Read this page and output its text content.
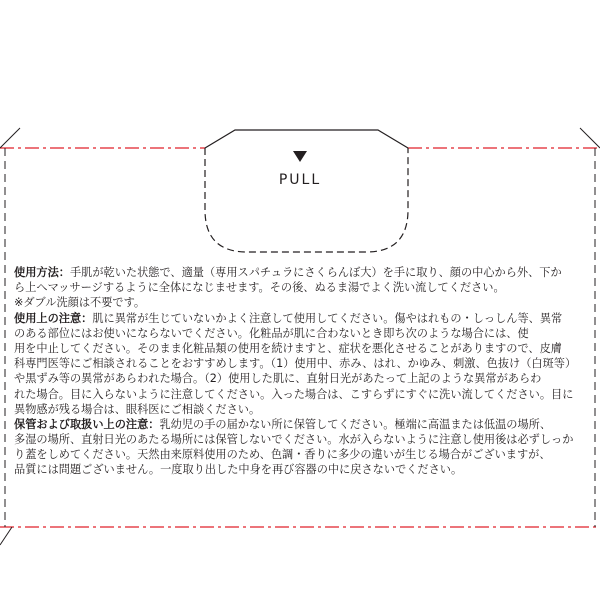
PULL
使用方法：手肌が乾いた状態で、適量（専用スパチュラにさくらんぼ大）を手に取り、顔の中心から外、下か
ら上へマッサージするように全体になじませます。その後、ぬるま湯でよく洗い流してください。
※ダブル洗顔は不要です。
使用上の注意：肌に異常が生じていないかよく注意して使用してください。傷やはれもの・しっしん等、異常
のある部位にはお使いにならないでください。化粧品が肌に合わないとき即ち次のような場合には、使
用を中止してください。そのまま化粧品類の使用を続けますと、症状を悪化させることがありますので、皮膚
科専門医等にご相談されることをおすすめします。（1）使用中、赤み、はれ、かゆみ、刺激、色抜け（白斑等）
や黒ずみ等の異常があらわれた場合。（2）使用した肌に、直射日光があたって上記のような異常があらわ
れた場合。目に入らないように注意してください。入った場合は、こすらずにすぐに洗い流してください。目に
異物感が残る場合は、眼科医にご相談ください。
保管および取扱い上の注意：乳幼児の手の届かない所に保管してください。極端に高温または低温の場所、
多湿の場所、直射日光のあたる場所には保管しないでください。水が入らないように注意し使用後は必ずしっか
り蓋をしめてください。天然由来原料使用のため、色調・香りに多少の違いが生じる場合がございますが、
品質には問題ございません。一度取り出した中身を再び容器の中に戻さないでください。
